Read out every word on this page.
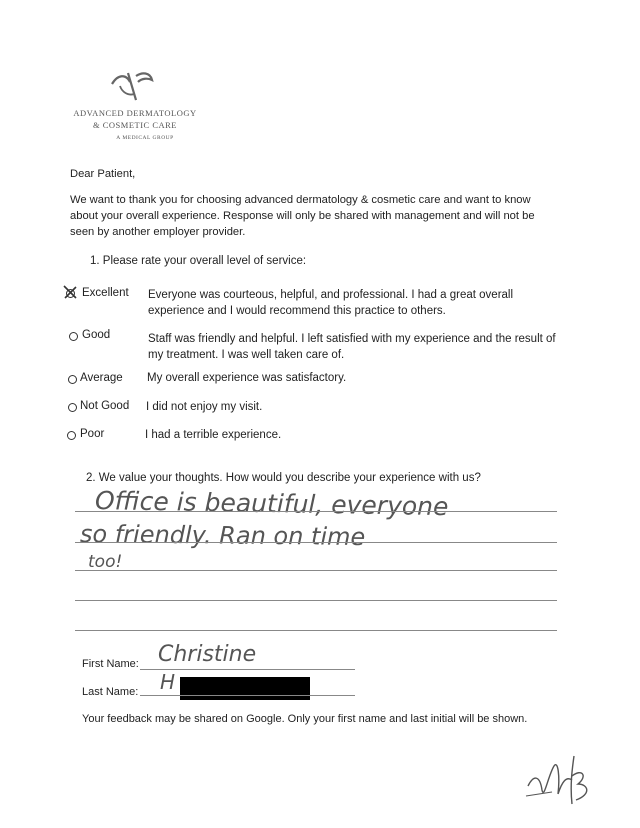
ADVANCED DERMATOLOGY
& COSMETIC CARE
A MEDICAL GROUP
Dear Patient,
We want to thank you for choosing advanced dermatology & cosmetic care and want to know about your overall experience. Response will only be shared with management and will not be seen by another employer provider.
1. Please rate your overall level of service:
Excellent Everyone was courteous, helpful, and professional. I had a great overall experience and I would recommend this practice to others.
Good	Staff was friendly and helpful. I left satisfied with my experience and the result of my treatment. I was well taken care of.
Average My overall experience was satisfactory.
Not Good I did not enjoy my visit.
Poor	I had a terrible experience.
2. We value your thoughts. How would you describe your experience with us?
Office is beautiful, everyone
so friendly. Ran on time
too!
First Name: Christine
Last Name: H
Your feedback may be shared on Google. Only your first name and last initial will be shown.
